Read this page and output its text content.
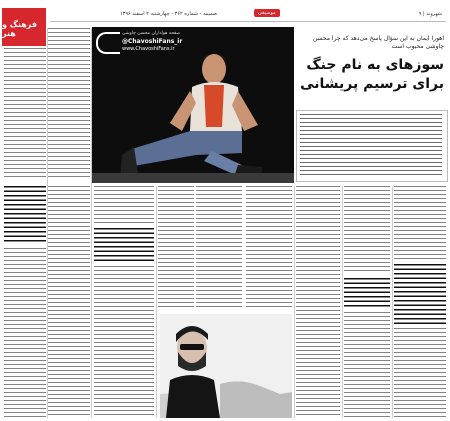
فرهنگ و هنر
ضمیمه - شماره ۳۶۲ - چهارشنبه ۲ اسفند ۱۳۹۶	موسیقی	شهروند | ۹
صفحه هواداران محسن چاوشی
@ChavoshiFans_ir
www.ChavoshiFans.ir
اهورا ایمان به این سؤال پاسخ می‌دهد که چرا محسن چاوشی محبوب است
سوزهای به نام جنگ برای ترسیم پریشانی
